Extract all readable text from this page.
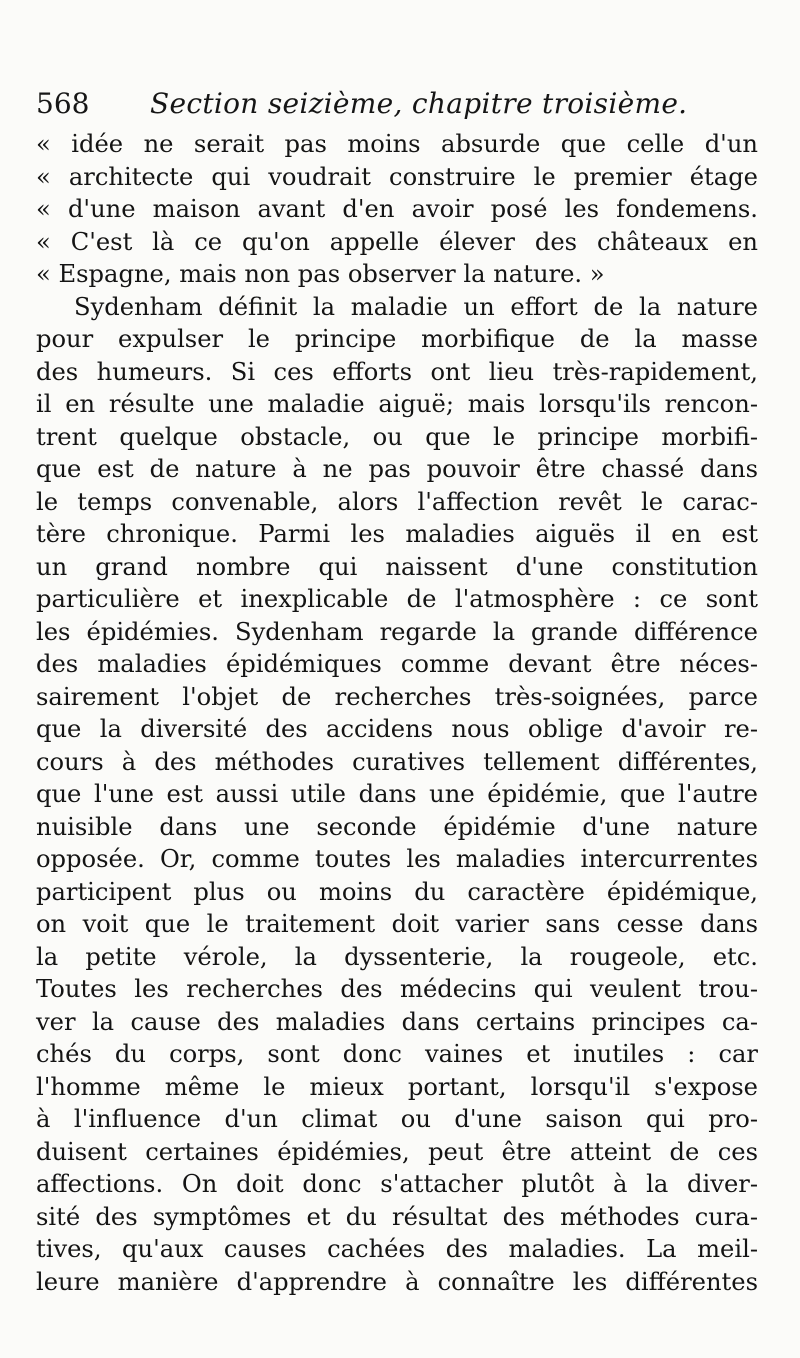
568 Section seizième, chapitre troisième.
« idée ne serait pas moins absurde que celle d'un
« architecte qui voudrait construire le premier étage
« d'une maison avant d'en avoir posé les fondemens.
« C'est là ce qu'on appelle élever des châteaux en
« Espagne, mais non pas observer la nature. »
Sydenham définit la maladie un effort de la nature
pour expulser le principe morbifique de la masse
des humeurs. Si ces efforts ont lieu très-rapidement,
il en résulte une maladie aiguë; mais lorsqu'ils rencon-
trent quelque obstacle, ou que le principe morbifi-
que est de nature à ne pas pouvoir être chassé dans
le temps convenable, alors l'affection revêt le carac-
tère chronique. Parmi les maladies aiguës il en est
un grand nombre qui naissent d'une constitution
particulière et inexplicable de l'atmosphère : ce sont
les épidémies. Sydenham regarde la grande différence
des maladies épidémiques comme devant être néces-
sairement l'objet de recherches très-soignées, parce
que la diversité des accidens nous oblige d'avoir re-
cours à des méthodes curatives tellement différentes,
que l'une est aussi utile dans une épidémie, que l'autre
nuisible dans une seconde épidémie d'une nature
opposée. Or, comme toutes les maladies intercurrentes
participent plus ou moins du caractère épidémique,
on voit que le traitement doit varier sans cesse dans
la petite vérole, la dyssenterie, la rougeole, etc.
Toutes les recherches des médecins qui veulent trou-
ver la cause des maladies dans certains principes ca-
chés du corps, sont donc vaines et inutiles : car
l'homme même le mieux portant, lorsqu'il s'expose
à l'influence d'un climat ou d'une saison qui pro-
duisent certaines épidémies, peut être atteint de ces
affections. On doit donc s'attacher plutôt à la diver-
sité des symptômes et du résultat des méthodes cura-
tives, qu'aux causes cachées des maladies. La meil-
leure manière d'apprendre à connaître les différentes
